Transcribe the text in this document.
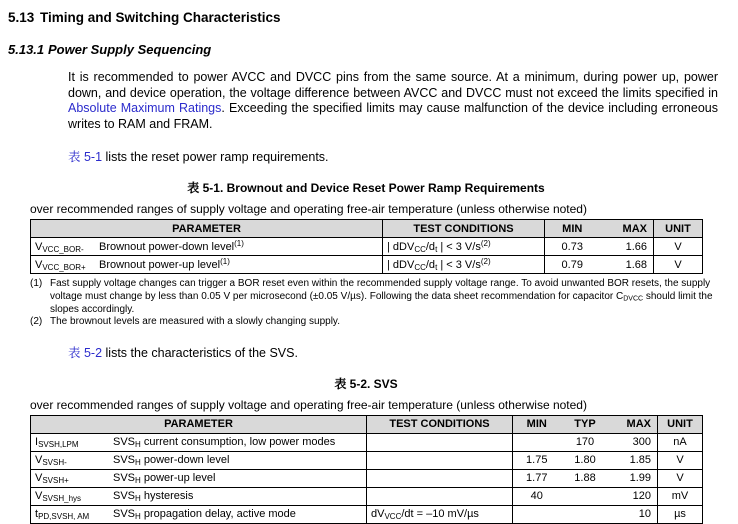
5.13 Timing and Switching Characteristics
5.13.1 Power Supply Sequencing
It is recommended to power AVCC and DVCC pins from the same source. At a minimum, during power up, power down, and device operation, the voltage difference between AVCC and DVCC must not exceed the limits specified in Absolute Maximum Ratings. Exceeding the specified limits may cause malfunction of the device including erroneous writes to RAM and FRAM.
表 5-1 lists the reset power ramp requirements.
表 5-1. Brownout and Device Reset Power Ramp Requirements
over recommended ranges of supply voltage and operating free-air temperature (unless otherwise noted)
PARAMETER	TEST CONDITIONS	MIN	MAX	UNIT

$V_{VCC\_BOR-}$ Brownout power-down level$^{(1)}$	| $dDV_{CC}/d_t$ | < 3 $V/s^{(2)}$	0.73	1.66	V

$V_{VCC\_BOR+}$ Brownout power-up level$^{(1)}$	| $dDV_{CC}/d_t$ | < 3 $V/s^{(2)}$	0.79	1.68	V
(1) Fast supply voltage changes can trigger a BOR reset even within the recommended supply voltage range. To avoid unwanted BOR resets, the supply voltage must change by less than 0.05 V per microsecond (±0.05 V/µs). Following the data sheet recommendation for capacitor $C_{DVCC}$ should limit the slopes accordingly.
(2) The brownout levels are measured with a slowly changing supply.
表 5-2 lists the characteristics of the SVS.
表 5-2. SVS
over recommended ranges of supply voltage and operating free-air temperature (unless otherwise noted)
PARAMETER	TEST CONDITIONS	MIN	TYP	MAX	UNIT

$I_{SVSH,LPM}$ $SVS_H$ current consumption, low power modes			170	300	nA

$V_{SVSH-}$ $SVS_H$ power-down level		1.75	1.80	1.85	V

$V_{SVSH+}$ $SVS_H$ power-up level		1.77	1.88	1.99	V

$V_{SVSH\_hys}$ $SVS_H$ hysteresis		40		120	mV

$t_{PD,SVSH, AM}$ $SVS_H$ propagation delay, active mode	$dV_{VCC}/dt = -10$ mV/µs			10	µs
